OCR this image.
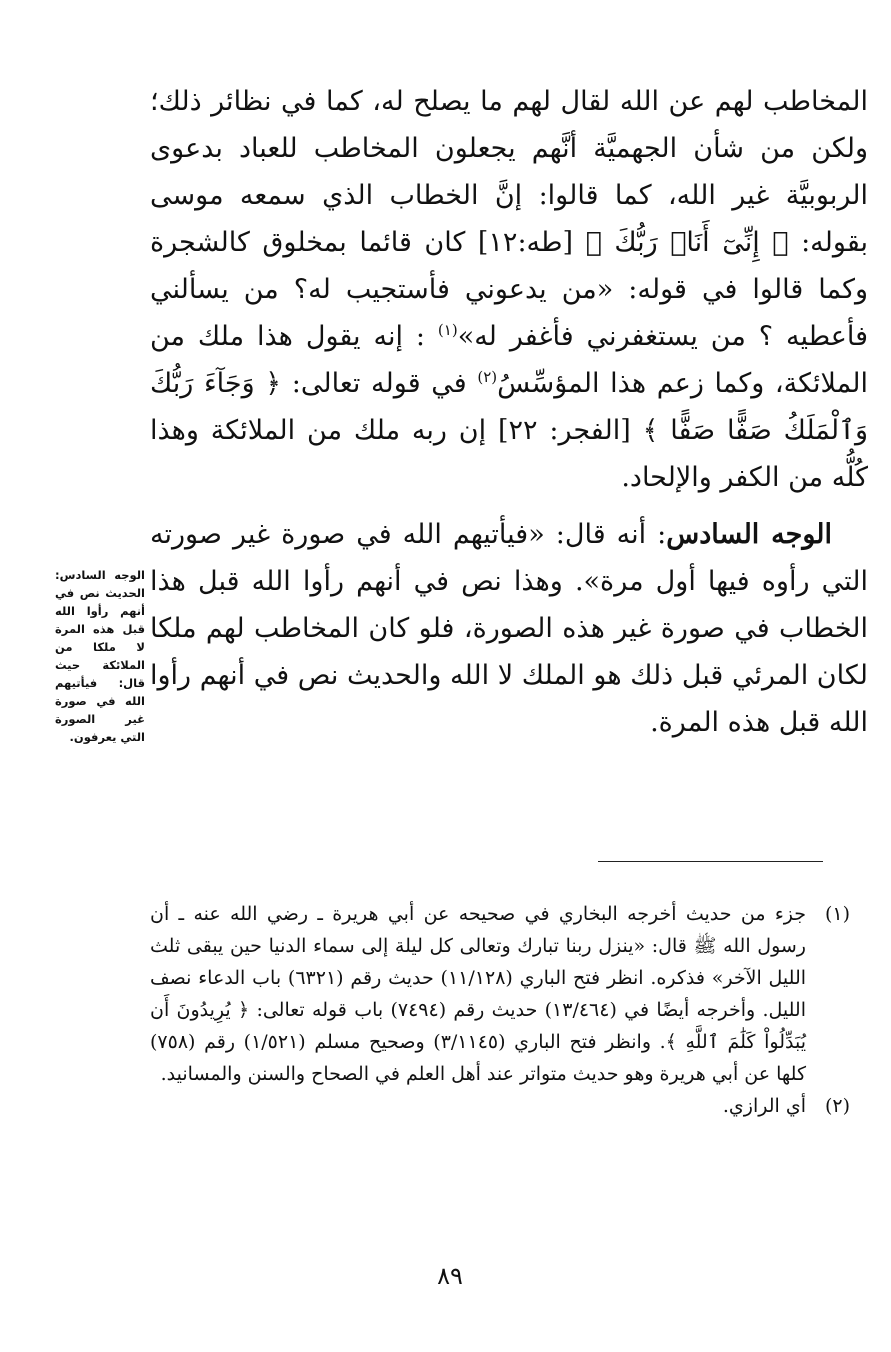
المخاطب لهم عن الله لقال لهم ما يصلح له، كما في نظائر ذلك؛ ولكن من شأن الجهميَّة أنَّهم يجعلون المخاطب للعباد بدعوى الربوبيَّة غير الله، كما قالوا: إنَّ الخطاب الذي سمعه موسى بقوله: ﴿ إِنِّىٓ أَنَا۠ رَبُّكَ ﴾ [طه:١٢] كان قائما بمخلوق كالشجرة وكما قالوا في قوله: «من يدعوني فأستجيب له؟ من يسألني فأعطيه ؟ من يستغفرني فأغفر له»$^{(١)}$ : إنه يقول هذا ملك من الملائكة، وكما زعم هذا المؤسِّسُ$^{(٢)}$ في قوله تعالى: ﴿ وَجَآءَ رَبُّكَ وَٱلْمَلَكُ صَفًّا صَفًّا ﴾ [الفجر: ٢٢] إن ربه ملك من الملائكة وهذا كُلُّه من الكفر والإلحاد.

الوجه السادس: أنه قال: «فيأتيهم الله في صورة غير صورته التي رأوه فيها أول مرة». وهذا نص في أنهم رأوا الله قبل هذا الخطاب في صورة غير هذه الصورة، فلو كان المخاطب لهم ملكا لكان المرئي قبل ذلك هو الملك لا الله والحديث نص في أنهم رأوا الله قبل هذه المرة.

الوجه السادس: الحديث نص في أنهم رأوا الله قبل هذه المرة لا ملكا من الملائكة حيث قال: فيأتيهم الله في صورة غير الصورة التي يعرفون.
(١)
جزء من حديث أخرجه البخاري في صحيحه عن أبي هريرة ـ رضي الله عنه ـ أن رسول الله ﷺ قال: «ينزل ربنا تبارك وتعالى كل ليلة إلى سماء الدنيا حين يبقى ثلث الليل الآخر» فذكره. انظر فتح الباري (١١/١٢٨) حديث رقم (٦٣٢١) باب الدعاء نصف الليل. وأخرجه أيضًا في (١٣/٤٦٤) حديث رقم (٧٤٩٤) باب قوله تعالى: ﴿ يُرِيدُونَ أَن يُبَدِّلُواْ كَلَٰمَ ٱللَّهِ ﴾. وانظر فتح الباري (٣/١١٤٥) وصحيح مسلم (١/٥٢١) رقم (٧٥٨) كلها عن أبي هريرة وهو حديث متواتر عند أهل العلم في الصحاح والسنن والمسانيد.
(٢)
أي الرازي.
٨٩
